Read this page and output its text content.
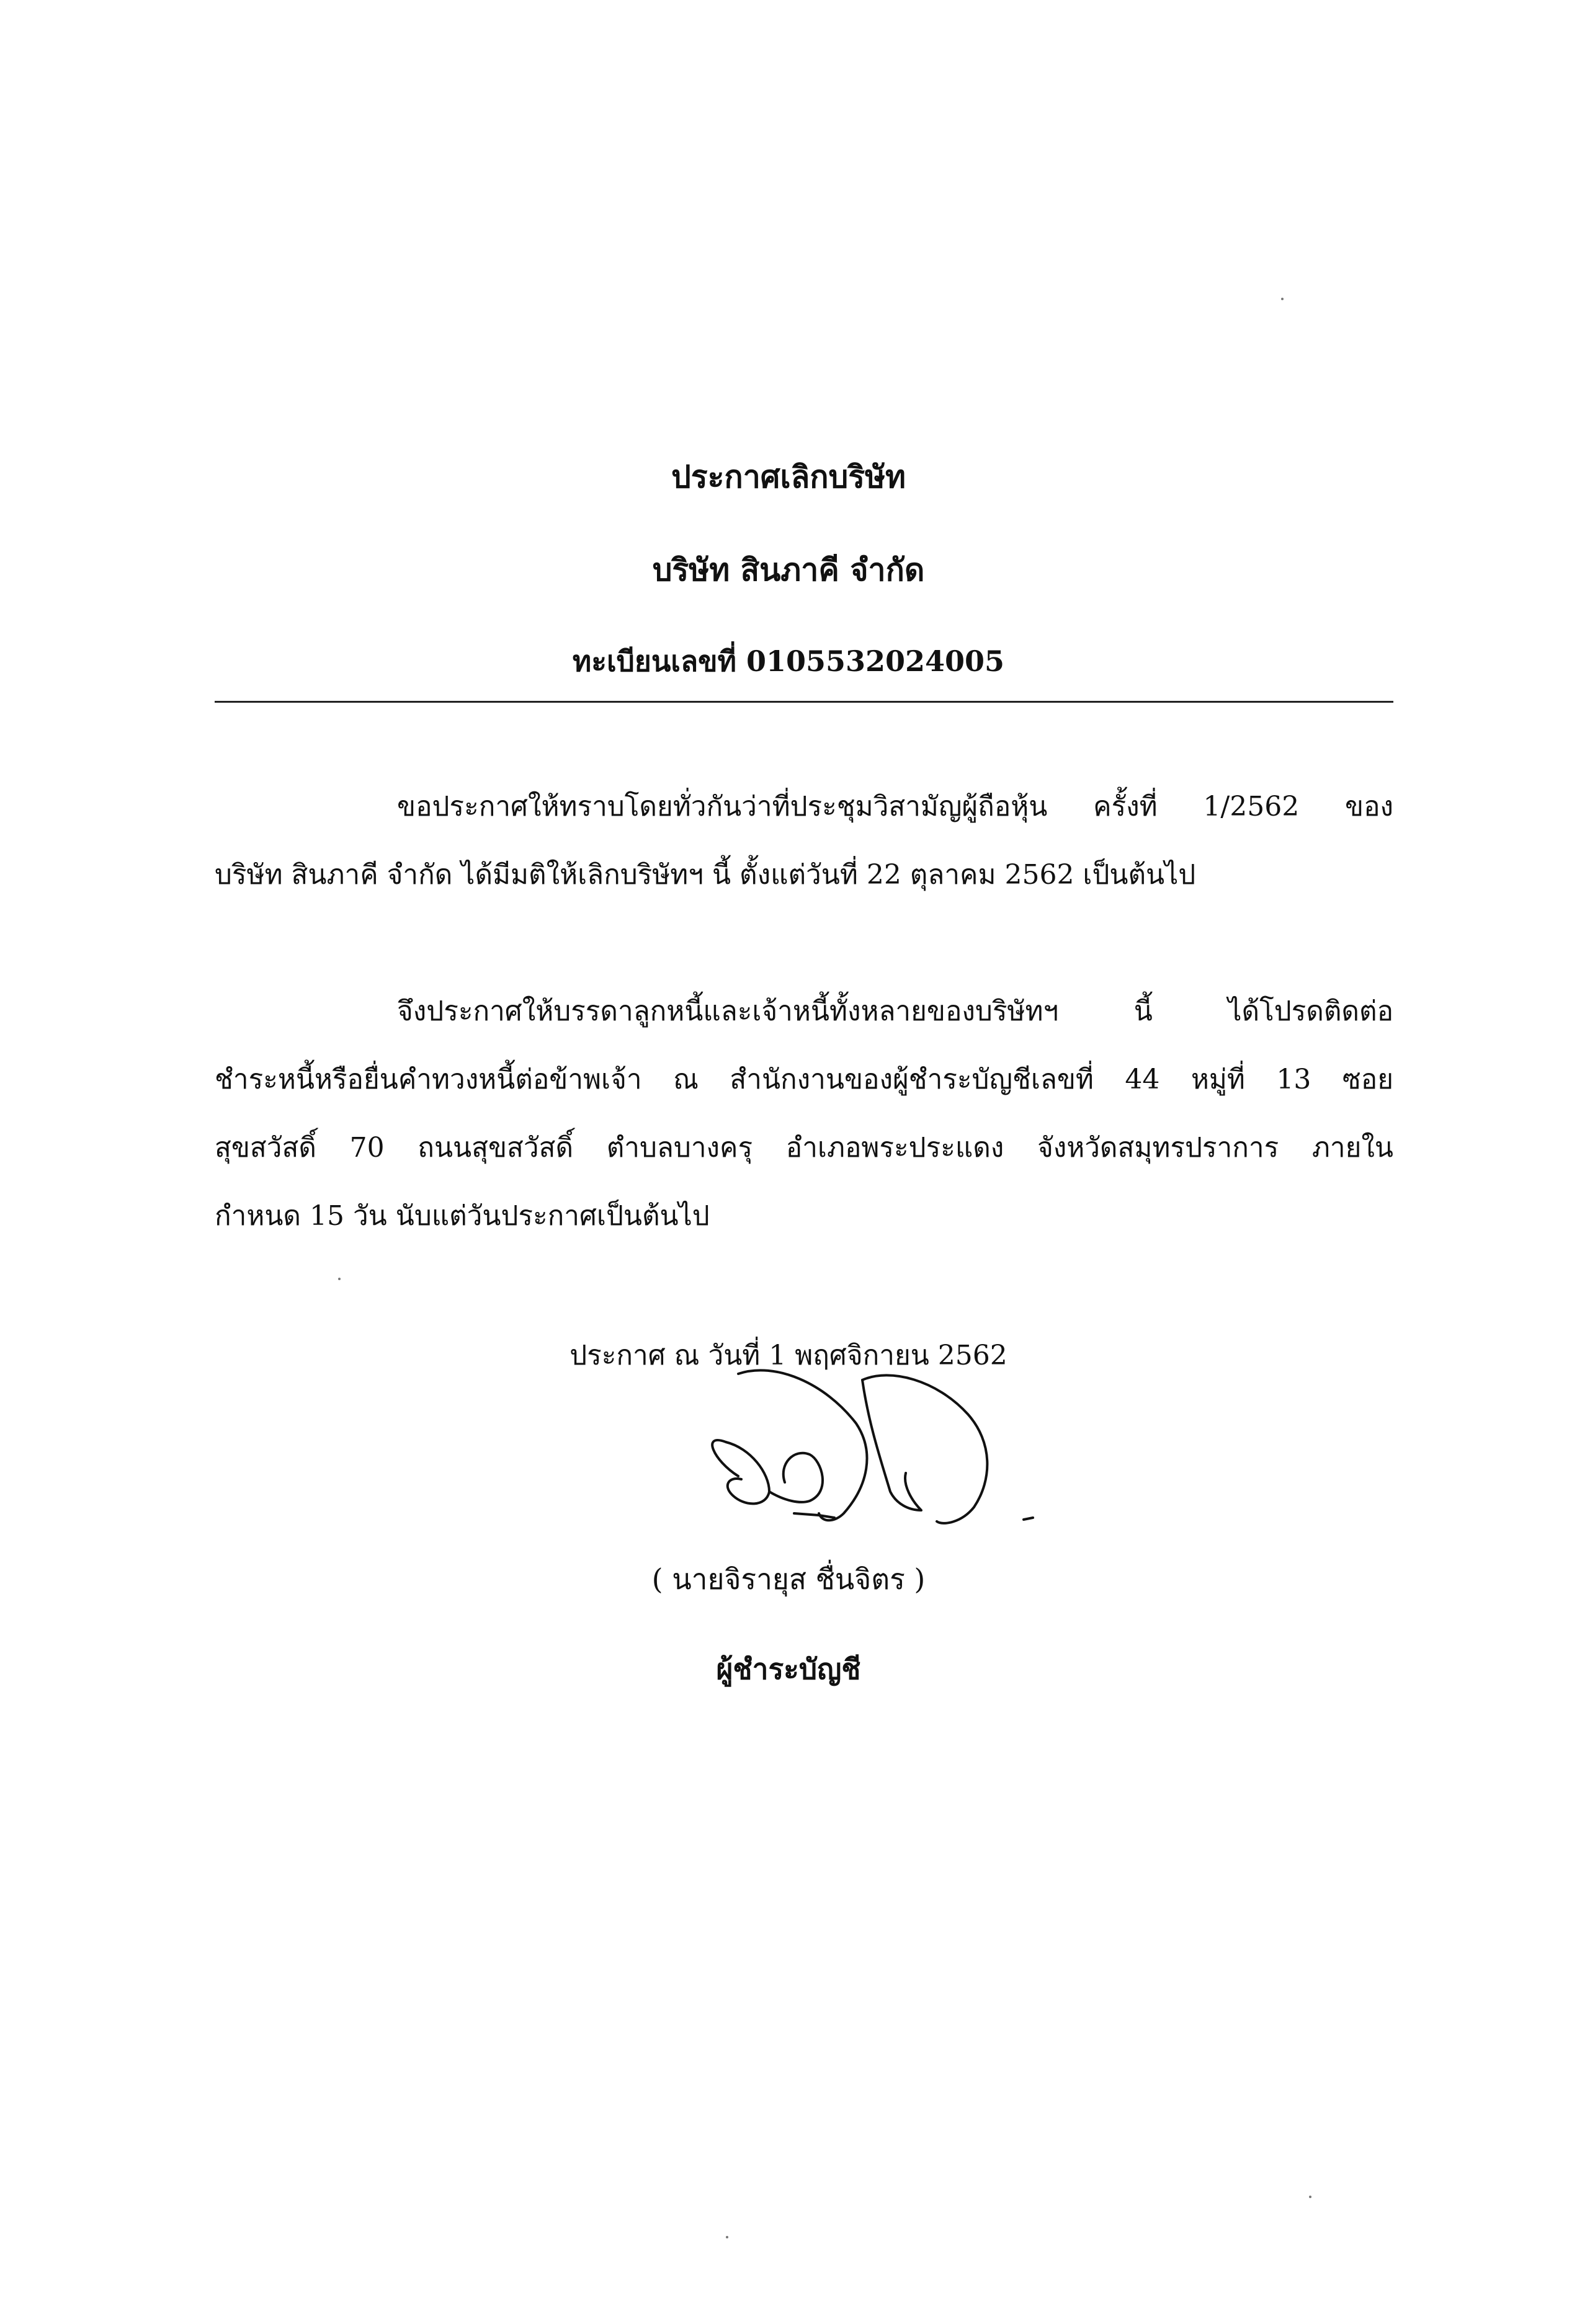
ประกาศเลิกบริษัท
บริษัท สินภาคี จำกัด
ทะเบียนเลขที่ 0105532024005
ขอประกาศให้ทราบโดยทั่วกันว่าที่ประชุมวิสามัญผู้ถือหุ้น ครั้งที่ 1/2562 ของ
บริษัท สินภาคี จำกัด ได้มีมติให้เลิกบริษัทฯ นี้ ตั้งแต่วันที่ 22 ตุลาคม 2562 เป็นต้นไป
จึงประกาศให้บรรดาลูกหนี้และเจ้าหนี้ทั้งหลายของบริษัทฯ นี้ ได้โปรดติดต่อ
ชำระหนี้หรือยื่นคำทวงหนี้ต่อข้าพเจ้า ณ สำนักงานของผู้ชำระบัญชีเลขที่ 44 หมู่ที่ 13 ซอย
สุขสวัสดิ์ 70 ถนนสุขสวัสดิ์ ตำบลบางครุ อำเภอพระประแดง จังหวัดสมุทรปราการ ภายใน
กำหนด 15 วัน นับแต่วันประกาศเป็นต้นไป
ประกาศ ณ วันที่ 1 พฤศจิกายน 2562
( นายจิรายุส ชื่นจิตร )
ผู้ชำระบัญชี
